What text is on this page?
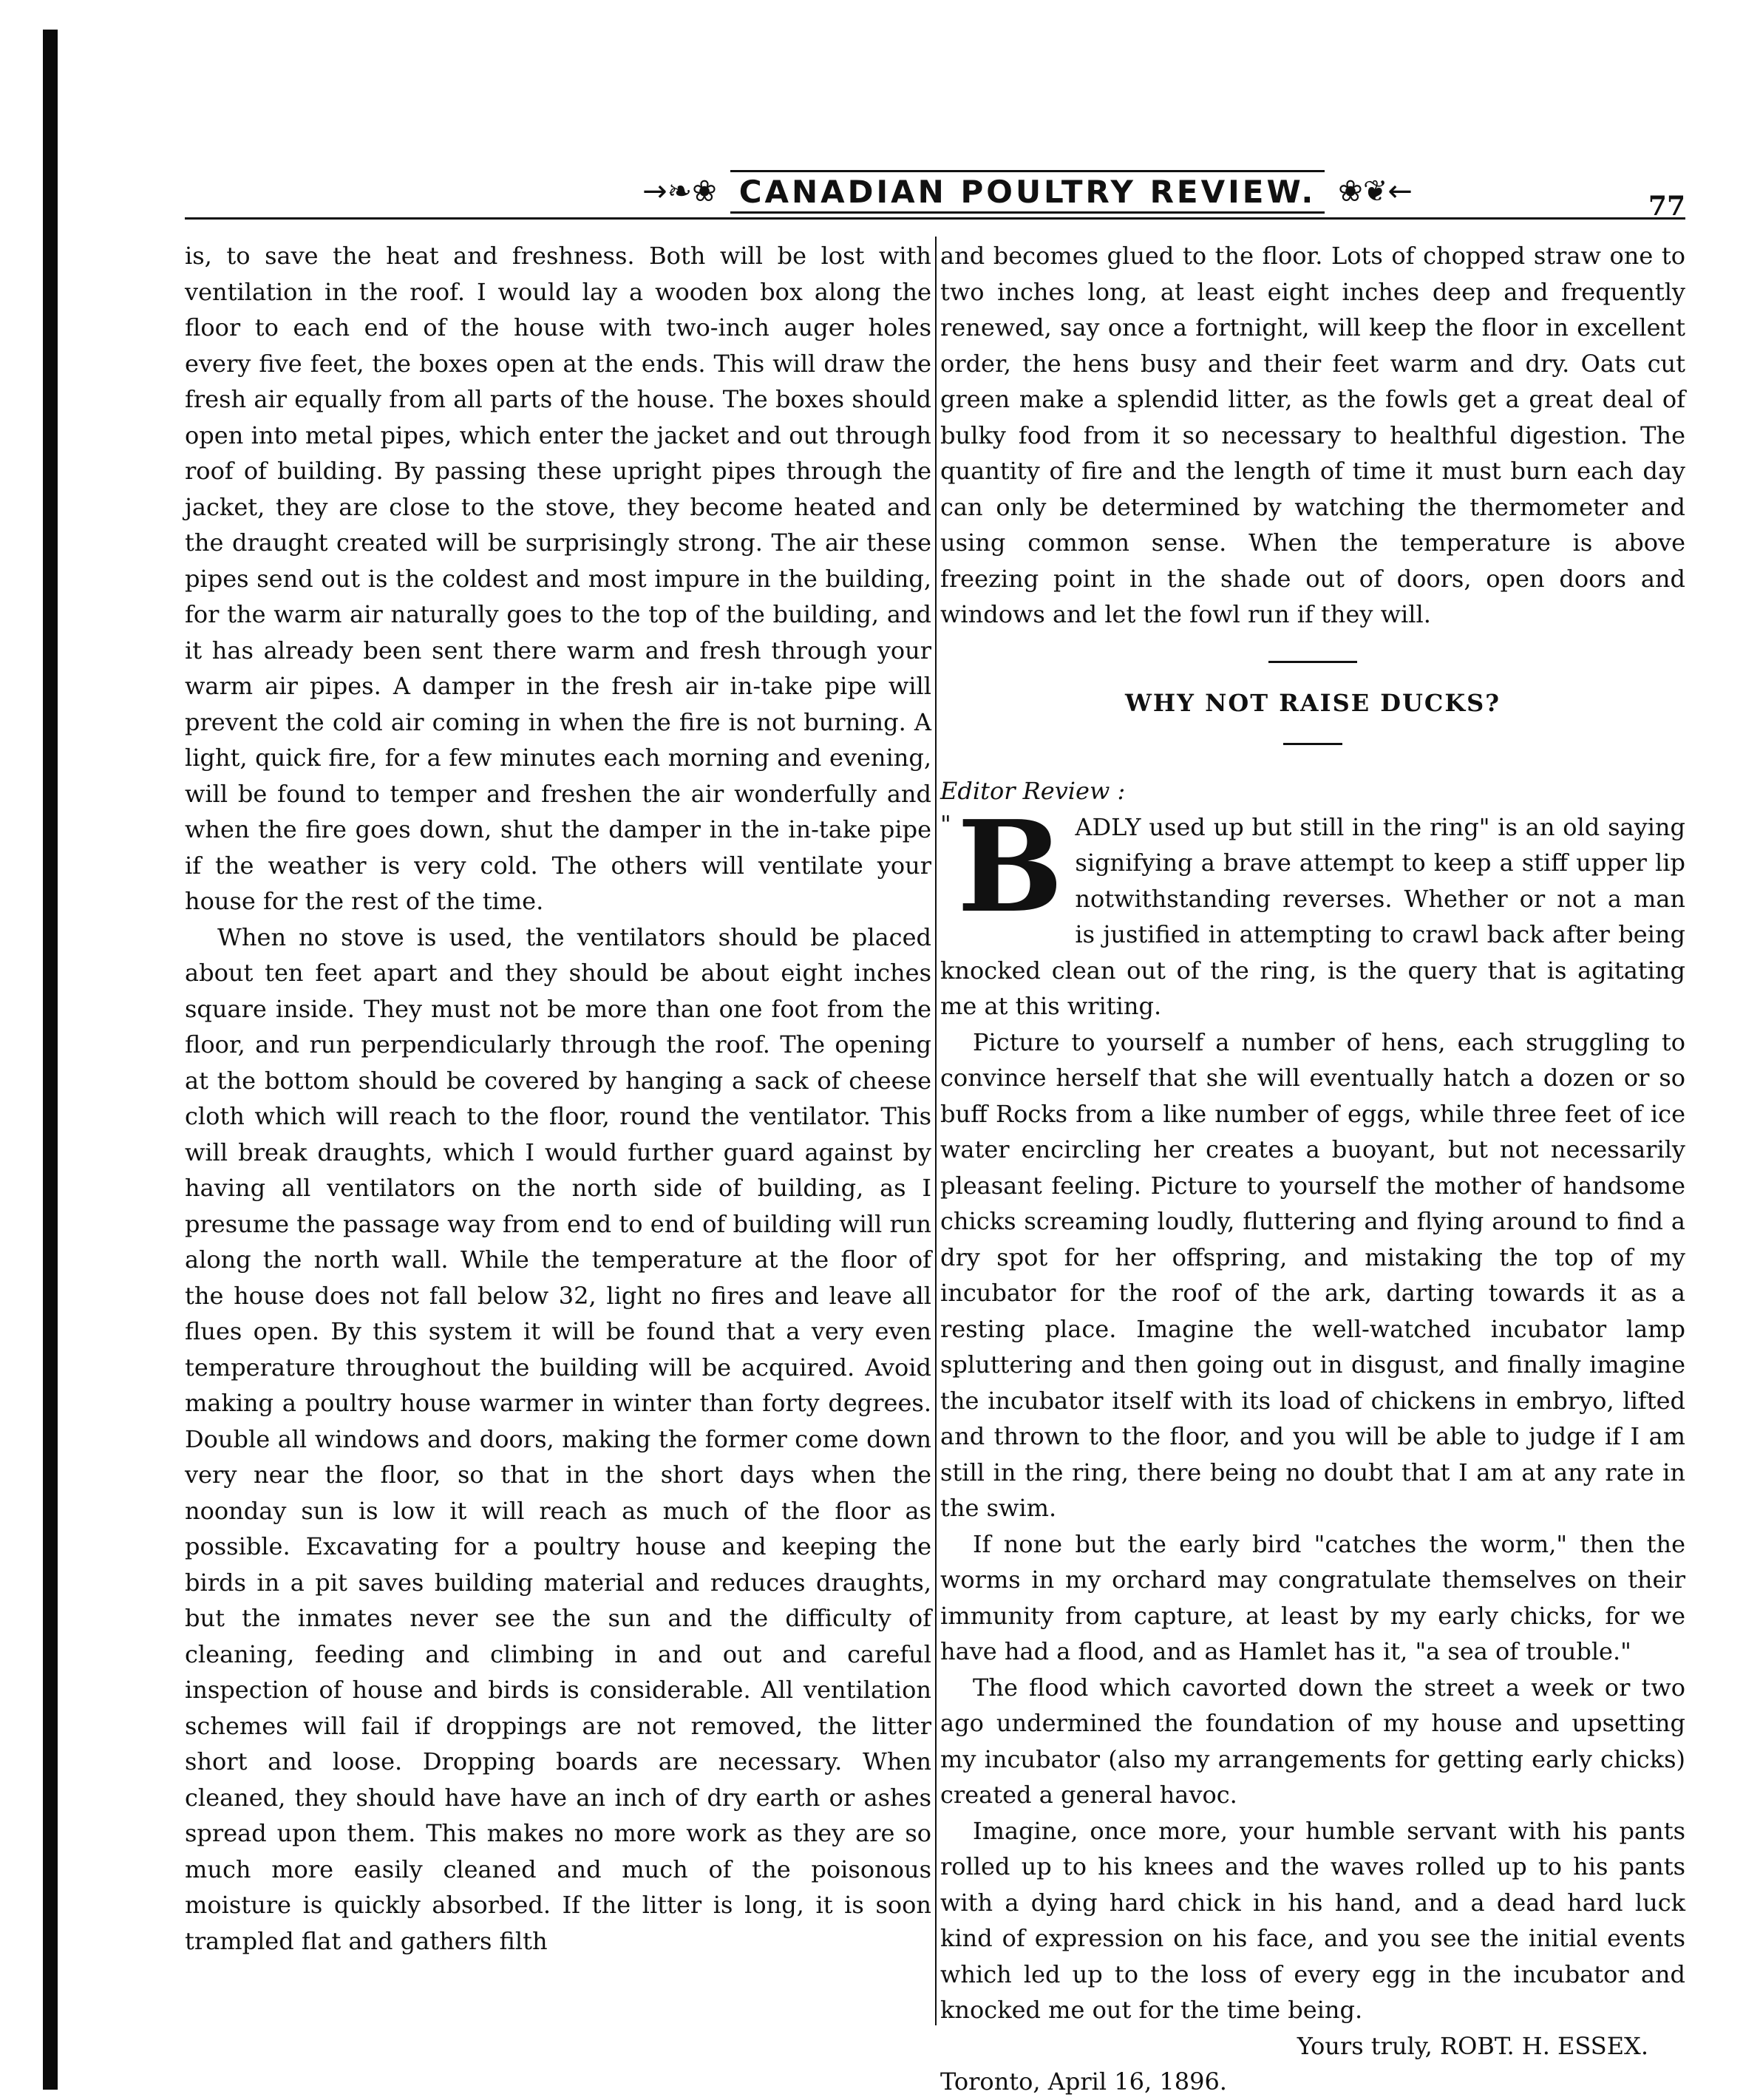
→❧❀ CANADIAN POULTRY REVIEW. ❀❦←	77

is, to save the heat and freshness. Both will be lost with ventilation in the roof. I would lay a wooden box along the floor to each end of the house with two-inch auger holes every five feet, the boxes open at the ends. This will draw the fresh air equally from all parts of the house. The boxes should open into metal pipes, which enter the jacket and out through roof of building. By passing these upright pipes through the jacket, they are close to the stove, they become heated and the draught created will be surprisingly strong. The air these pipes send out is the coldest and most impure in the building, for the warm air naturally goes to the top of the building, and it has already been sent there warm and fresh through your warm air pipes. A damper in the fresh air in-take pipe will prevent the cold air coming in when the fire is not burning. A light, quick fire, for a few minutes each morning and evening, will be found to temper and freshen the air wonderfully and when the fire goes down, shut the damper in the in-take pipe if the weather is very cold. The others will ventilate your house for the rest of the time.

When no stove is used, the ventilators should be placed about ten feet apart and they should be about eight inches square inside. They must not be more than one foot from the floor, and run perpendicularly through the roof. The opening at the bottom should be covered by hanging a sack of cheese cloth which will reach to the floor, round the ventilator. This will break draughts, which I would further guard against by having all ventilators on the north side of building, as I presume the passage way from end to end of building will run along the north wall. While the temperature at the floor of the house does not fall below 32, light no fires and leave all flues open. By this system it will be found that a very even temperature throughout the building will be acquired. Avoid making a poultry house warmer in winter than forty degrees. Double all windows and doors, making the former come down very near the floor, so that in the short days when the noonday sun is low it will reach as much of the floor as possible. Excavating for a poultry house and keeping the birds in a pit saves building material and reduces draughts, but the inmates never see the sun and the difficulty of cleaning, feeding and climbing in and out and careful inspection of house and birds is considerable. All ventilation schemes will fail if droppings are not removed, the litter short and loose. Dropping boards are necessary. When cleaned, they should have have an inch of dry earth or ashes spread upon them. This makes no more work as they are so much more easily cleaned and much of the poisonous moisture is quickly absorbed. If the litter is long, it is soon trampled flat and gathers filth

and becomes glued to the floor. Lots of chopped straw one to two inches long, at least eight inches deep and frequently renewed, say once a fortnight, will keep the floor in excellent order, the hens busy and their feet warm and dry. Oats cut green make a splendid litter, as the fowls get a great deal of bulky food from it so necessary to healthful digestion. The quantity of fire and the length of time it must burn each day can only be determined by watching the thermometer and using common sense. When the temperature is above freezing point in the shade out of doors, open doors and windows and let the fowl run if they will.

WHY NOT RAISE DUCKS?
Editor Review :

" B ADLY used up but still in the ring" is an old saying signifying a brave attempt to keep a stiff upper lip notwithstanding reverses. Whether or not a man is justified in attempting to crawl back after being knocked clean out of the ring, is the query that is agitating me at this writing.

Picture to yourself a number of hens, each struggling to convince herself that she will eventually hatch a dozen or so buff Rocks from a like number of eggs, while three feet of ice water encircling her creates a buoyant, but not necessarily pleasant feeling. Picture to yourself the mother of handsome chicks screaming loudly, fluttering and flying around to find a dry spot for her offspring, and mistaking the top of my incubator for the roof of the ark, darting towards it as a resting place. Imagine the well-watched incubator lamp spluttering and then going out in disgust, and finally imagine the incubator itself with its load of chickens in embryo, lifted and thrown to the floor, and you will be able to judge if I am still in the ring, there being no doubt that I am at any rate in the swim.

If none but the early bird "catches the worm," then the worms in my orchard may congratulate themselves on their immunity from capture, at least by my early chicks, for we have had a flood, and as Hamlet has it, "a sea of trouble."

The flood which cavorted down the street a week or two ago undermined the foundation of my house and upsetting my incubator (also my arrangements for getting early chicks) created a general havoc.

Imagine, once more, your humble servant with his pants rolled up to his knees and the waves rolled up to his pants with a dying hard chick in his hand, and a dead hard luck kind of expression on his face, and you see the initial events which led up to the loss of every egg in the incubator and knocked me out for the time being.

Yours truly, ROBT. H. ESSEX.

Toronto, April 16, 1896.
